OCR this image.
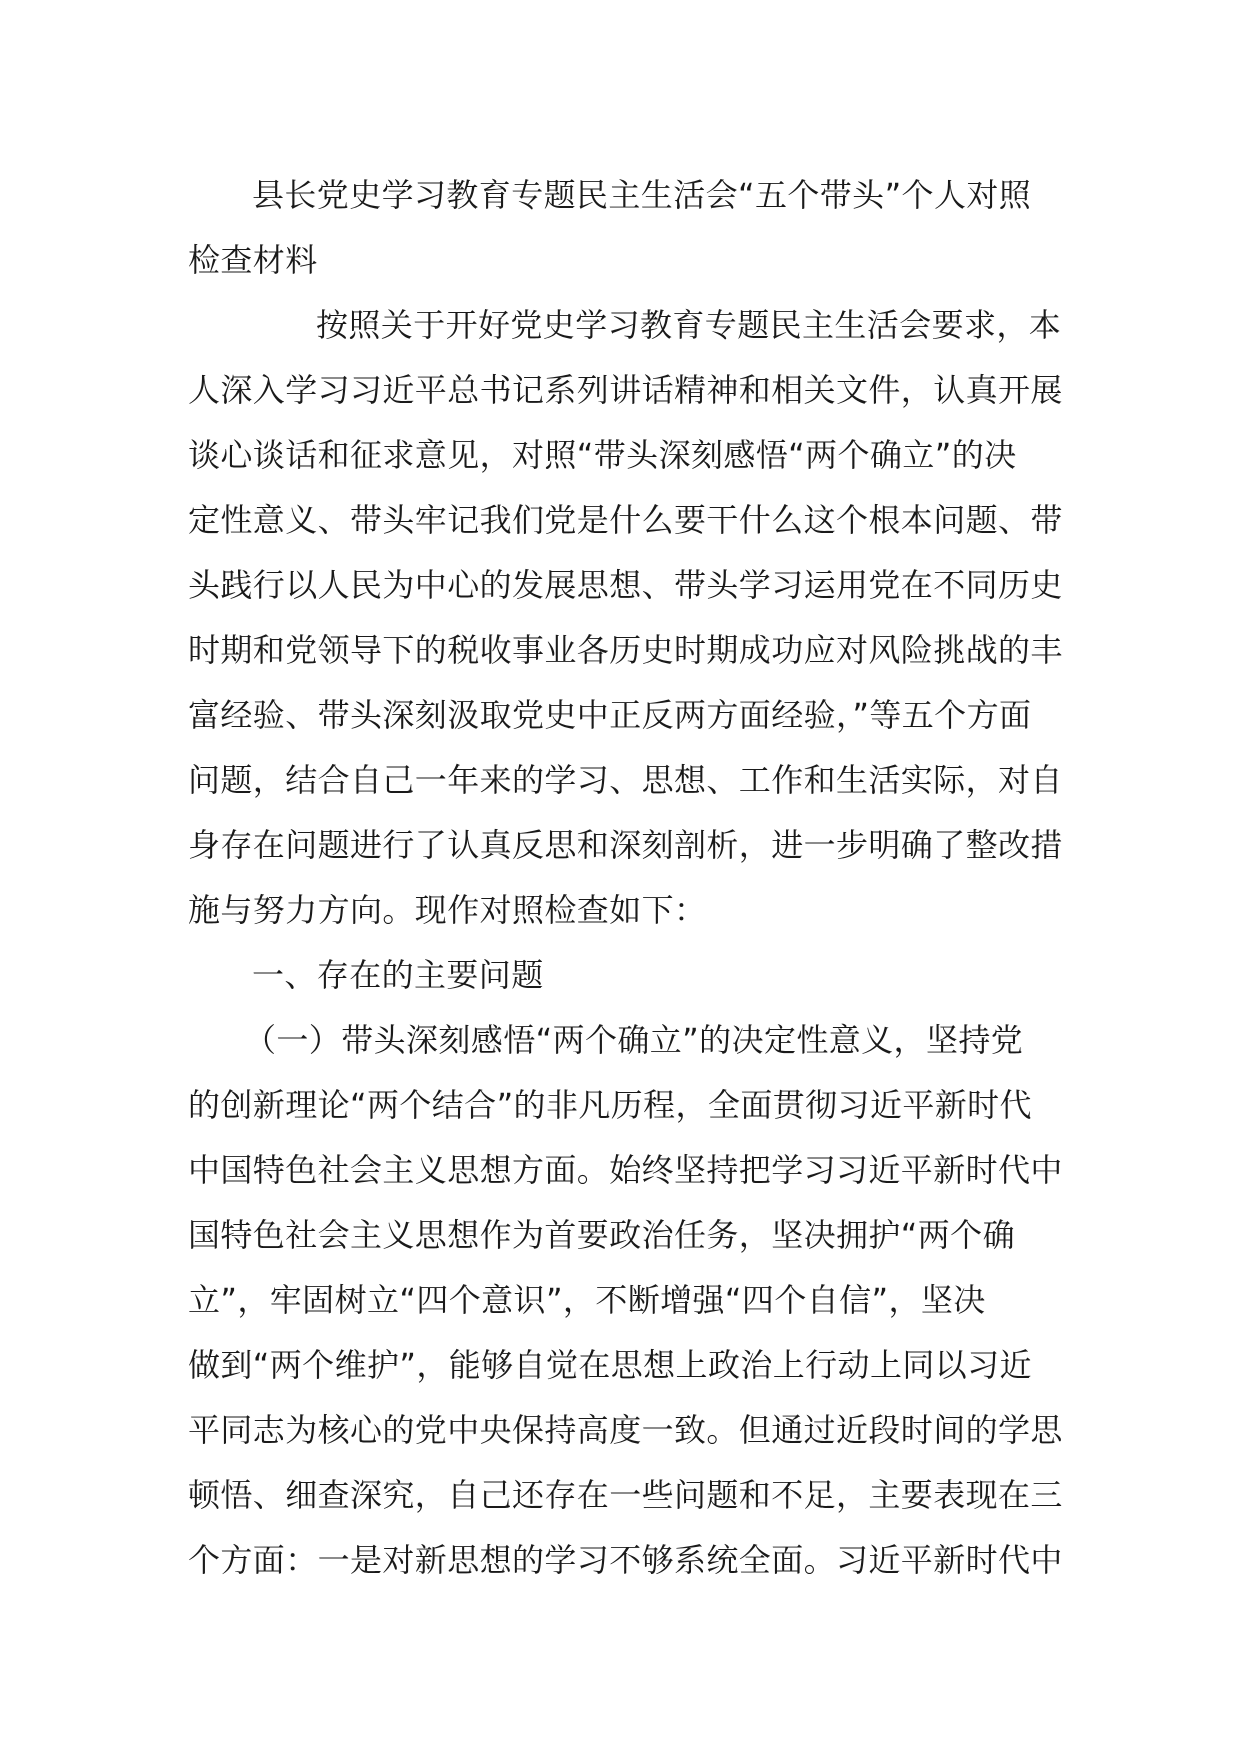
县长党史学习教育专题民主生活会“五个带头”个人对照
检查材料
按照关于开好党史学习教育专题民主生活会要求，本
人深入学习习近平总书记系列讲话精神和相关文件，认真开展
谈心谈话和征求意见，对照“带头深刻感悟“两个确立”的决
定性意义、带头牢记我们党是什么要干什么这个根本问题、带
头践行以人民为中心的发展思想、带头学习运用党在不同历史
时期和党领导下的税收事业各历史时期成功应对风险挑战的丰
富经验、带头深刻汲取党史中正反两方面经验，”等五个方面
问题，结合自己一年来的学习、思想、工作和生活实际，对自
身存在问题进行了认真反思和深刻剖析，进一步明确了整改措
施与努力方向。现作对照检查如下：
一、存在的主要问题
（一）带头深刻感悟“两个确立”的决定性意义，坚持党
的创新理论“两个结合”的非凡历程，全面贯彻习近平新时代
中国特色社会主义思想方面。始终坚持把学习习近平新时代中
国特色社会主义思想作为首要政治任务，坚决拥护“两个确
立”，牢固树立“四个意识”，不断增强“四个自信”，坚决
做到“两个维护”，能够自觉在思想上政治上行动上同以习近
平同志为核心的党中央保持高度一致。但通过近段时间的学思
顿悟、细查深究，自己还存在一些问题和不足，主要表现在三
个方面：一是对新思想的学习不够系统全面。习近平新时代中
